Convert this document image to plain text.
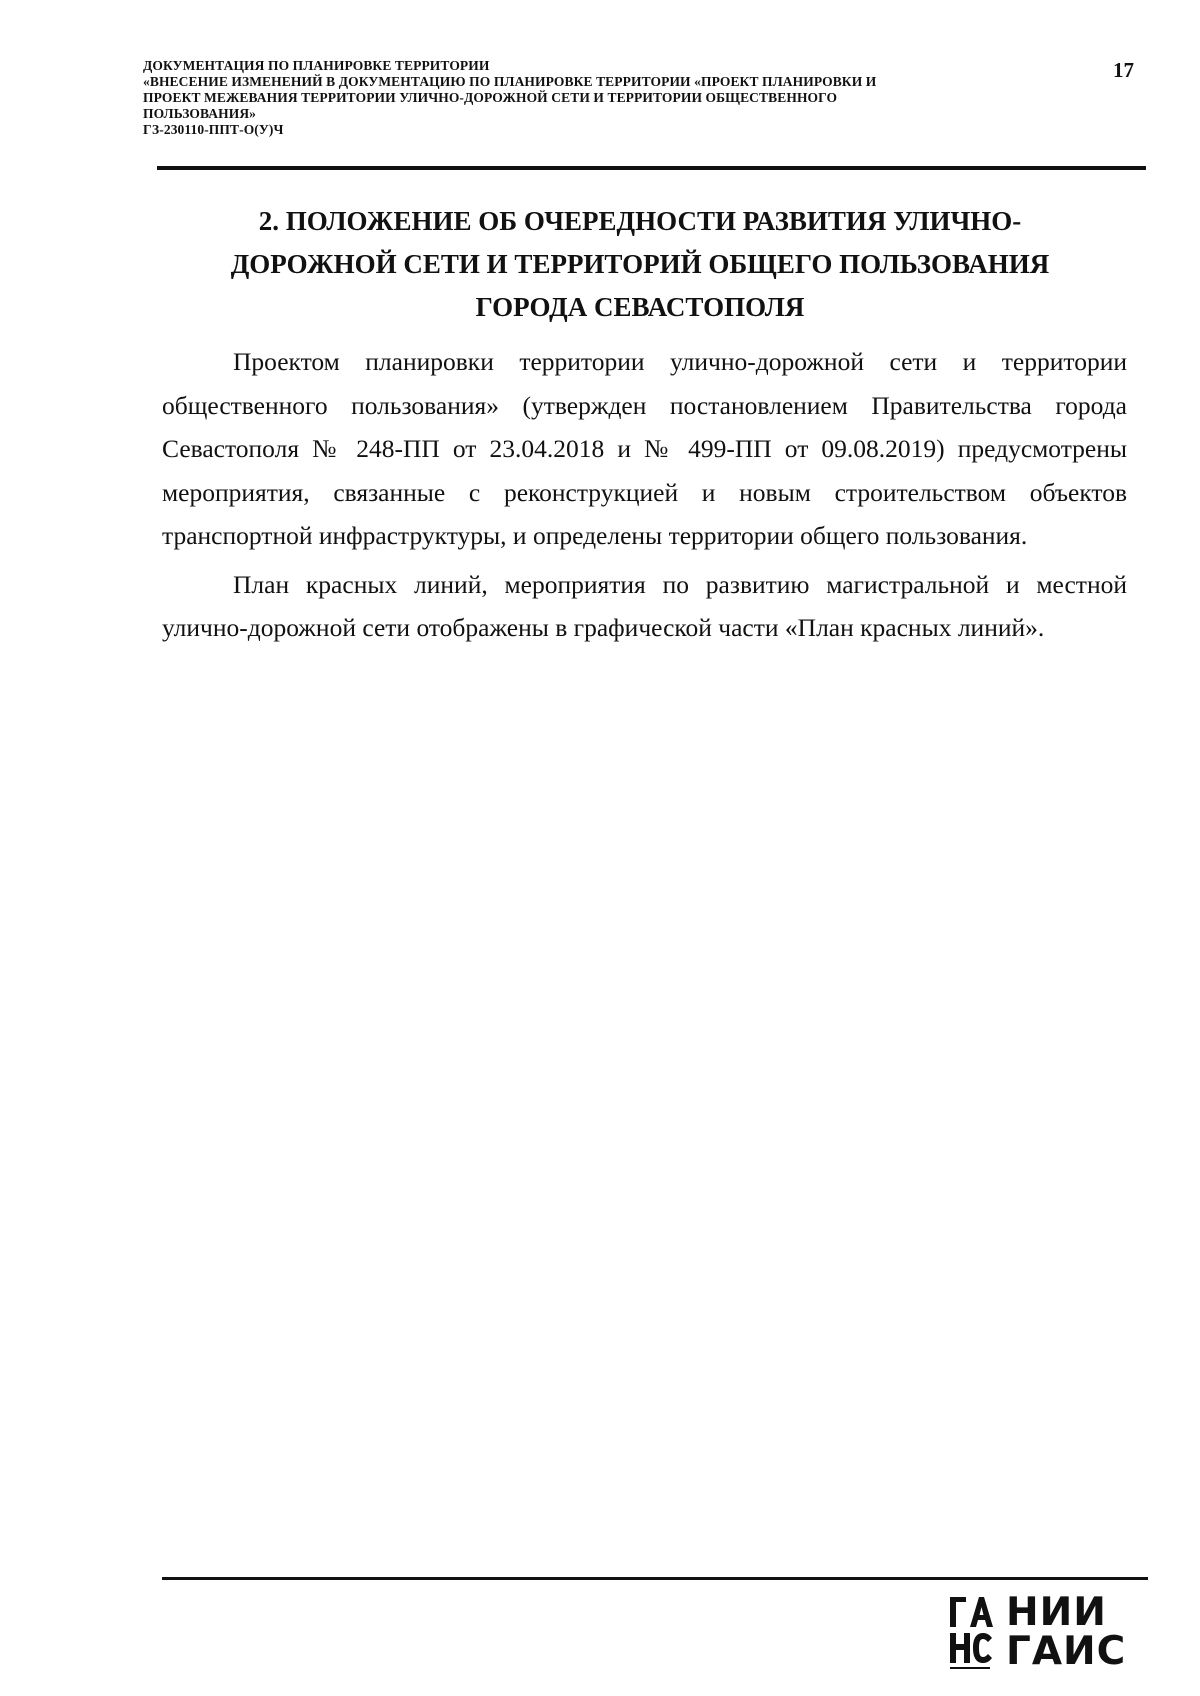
ДОКУМЕНТАЦИЯ ПО ПЛАНИРОВКЕ ТЕРРИТОРИИ
«ВНЕСЕНИЕ ИЗМЕНЕНИЙ В ДОКУМЕНТАЦИЮ ПО ПЛАНИРОВКЕ ТЕРРИТОРИИ «ПРОЕКТ ПЛАНИРОВКИ И
ПРОЕКТ МЕЖЕВАНИЯ ТЕРРИТОРИИ УЛИЧНО-ДОРОЖНОЙ СЕТИ И ТЕРРИТОРИИ ОБЩЕСТВЕННОГО
ПОЛЬЗОВАНИЯ»
ГЗ-230110-ППТ-О(У)Ч
17
2. ПОЛОЖЕНИЕ ОБ ОЧЕРЕДНОСТИ РАЗВИТИЯ УЛИЧНО-
ДОРОЖНОЙ СЕТИ И ТЕРРИТОРИЙ ОБЩЕГО ПОЛЬЗОВАНИЯ
ГОРОДА СЕВАСТОПОЛЯ
Проектом планировки территории улично-дорожной сети и территории
общественного пользования» (утвержден постановлением Правительства города
Севастополя № 248-ПП от 23.04.2018 и № 499-ПП от 09.08.2019) предусмотрены
мероприятия, связанные с реконструкцией и новым строительством объектов
транспортной инфраструктуры, и определены территории общего пользования.
План красных линий, мероприятия по развитию магистральной и местной
улично-дорожной сети отображены в графической части «План красных линий».
НИИ
ГАИС
